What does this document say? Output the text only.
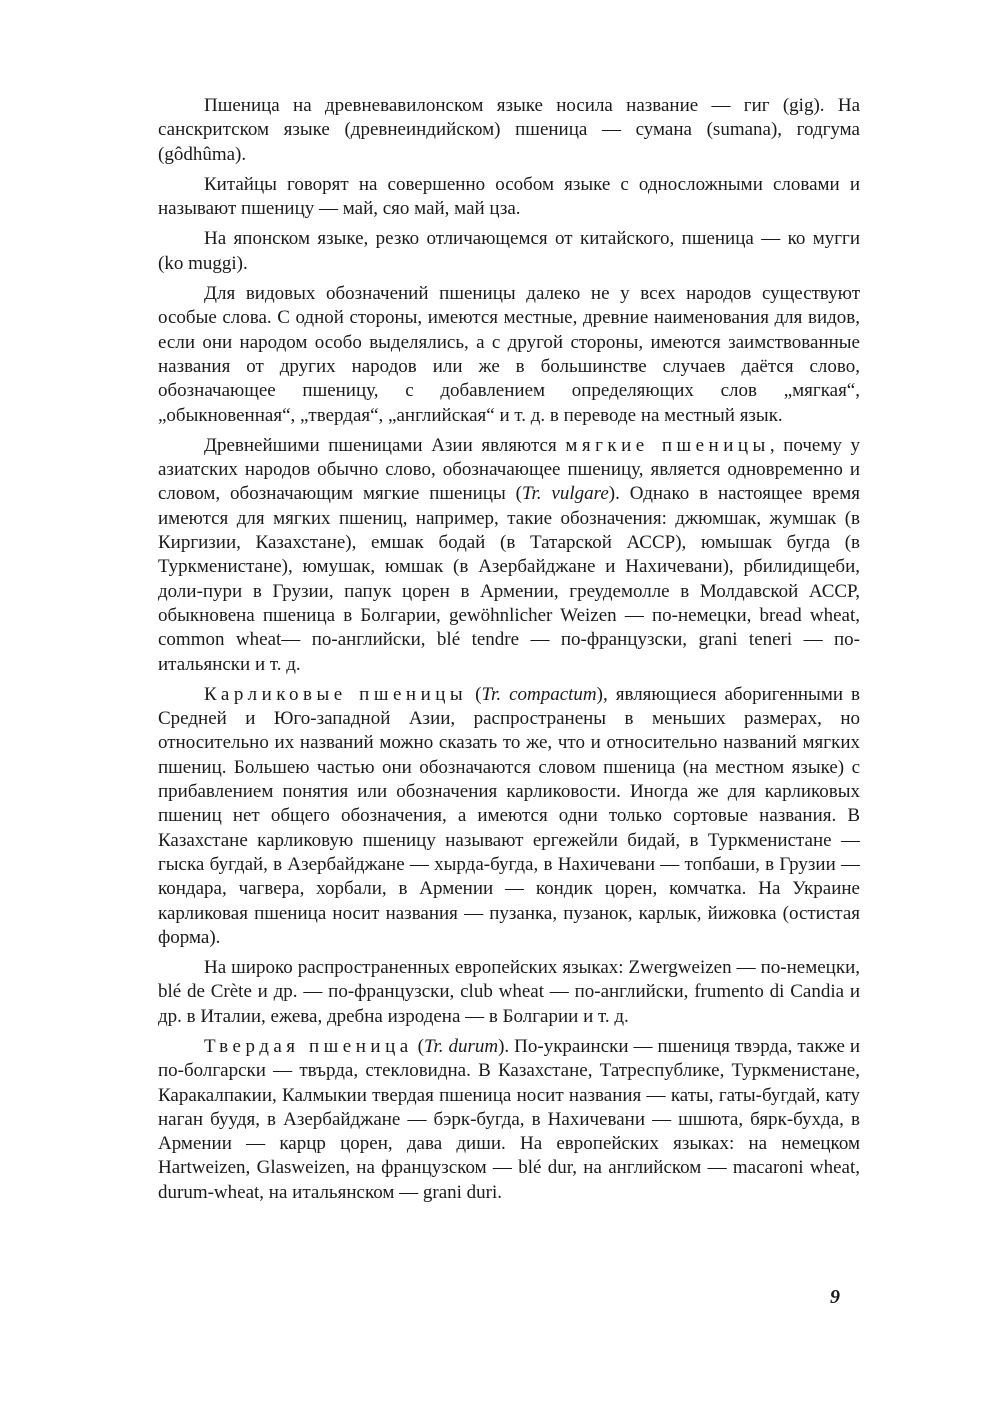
Пшеница на древневавилонском языке носила название — гиг (gig). На санскритском языке (древнеиндийском) пшеница — сумана (sumana), годгума (gôdhûma).

Китайцы говорят на совершенно особом языке с односложными словами и называют пшеницу — май, сяо май, май цза.

На японском языке, резко отличающемся от китайского, пшеница — ко мугги (ko muggi).

Для видовых обозначений пшеницы далеко не у всех народов существуют особые слова. С одной стороны, имеются местные, древние наименования для видов, если они народом особо выделялись, а с другой стороны, имеются заимствованные названия от других народов или же в большинстве случаев даётся слово, обозначающее пшеницу, с добавлением определяющих слов „мягкая“, „обыкновенная“, „твердая“, „английская“ и т. д. в переводе на местный язык.

Древнейшими пшеницами Азии являются мягкие пшеницы, почему у азиатских народов обычно слово, обозначающее пшеницу, является одновременно и словом, обозначающим мягкие пшеницы (Tr. vulgare). Однако в настоящее время имеются для мягких пшениц, например, такие обозначения: джюмшак, жумшак (в Киргизии, Казахстане), емшак бодай (в Татарской АССР), юмышак бугда (в Туркменистане), юмушак, юмшак (в Азербайджане и Нахичевани), рбилидищеби, доли-пури в Грузии, папук цорен в Армении, греудемолле в Молдавской АССР, обыкновена пшеница в Болгарии, gewöhnlicher Weizen — по-немецки, bread wheat, common wheat— по-английски, blé tendre — по-французски, grani teneri — по-итальянски и т. д.

Карликовые пшеницы (Tr. compactum), являющиеся аборигенными в Средней и Юго-западной Азии, распространены в меньших размерах, но относительно их названий можно сказать то же, что и относительно названий мягких пшениц. Большею частью они обозначаются словом пшеница (на местном языке) с прибавлением понятия или обозначения карликовости. Иногда же для карликовых пшениц нет общего обозначения, а имеются одни только сортовые названия. В Казахстане карликовую пшеницу называют ергежейли бидай, в Туркменистане — гыска бугдай, в Азербайджане — хырда-бугда, в Нахичевани — топбаши, в Грузии — кондара, чагвера, хорбали, в Армении — кондик цорен, комчатка. На Украине карликовая пшеница носит названия — пузанка, пузанок, карлык, йижовка (остистая форма).

На широко распространенных европейских языках: Zwergweizen — по-немецки, blé de Crète и др. — по-французски, club wheat — по-английски, frumento di Candia и др. в Италии, ежева, дребна изродена — в Болгарии и т. д.

Твердая пшеница (Tr. durum). По-украински — пшениця твэрда, также и по-болгарски — твърда, стекловидна. В Казахстане, Татреспублике, Туркменистане, Каракалпакии, Калмыкии твердая пшеница носит названия — каты, гаты-бугдай, кату наган буудя, в Азербайджане — бэрк-бугда, в Нахичевани — шшюта, бярк-бухда, в Армении — карцр цорен, дава диши. На европейских языках: на немецком Hartweizen, Glasweizen, на французском — blé dur, на английском — macaroni wheat, durum-wheat, на итальянском — grani duri.

9
